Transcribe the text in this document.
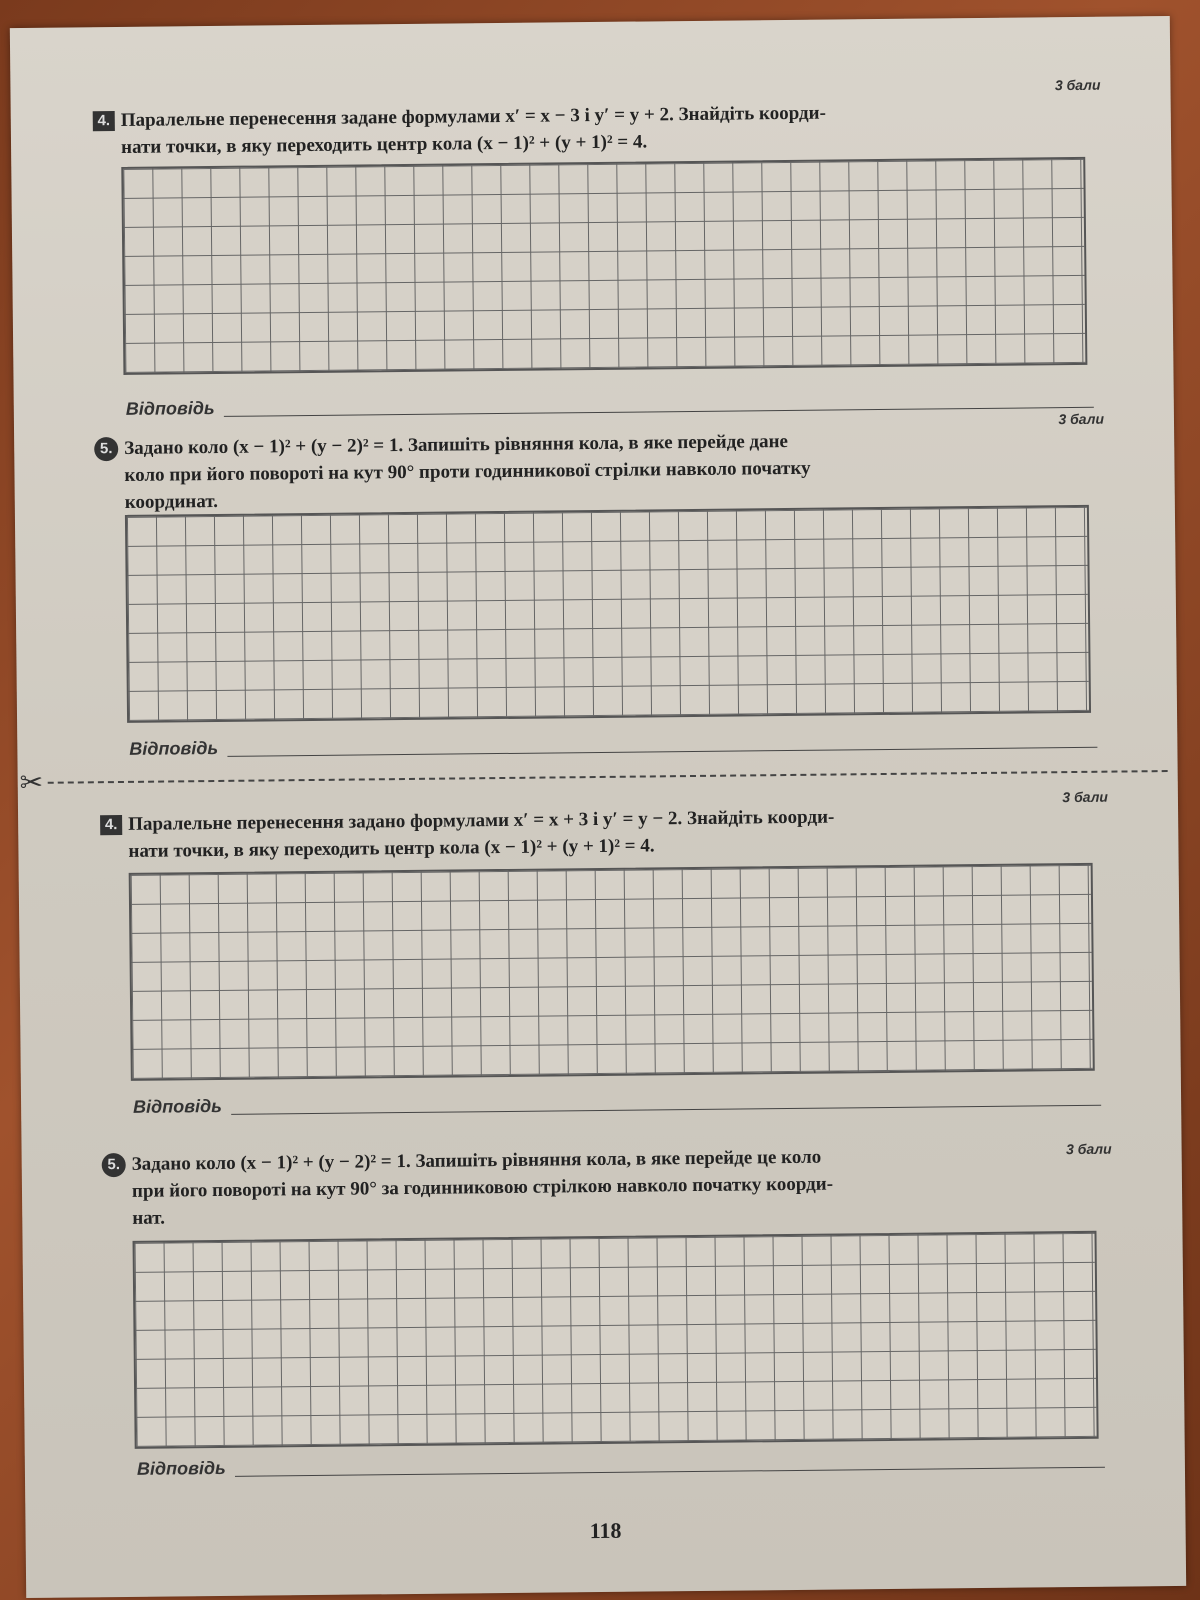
3 бали
4. Паралельне перенесення задане формулами x′ = x − 3 і y′ = y + 2. Знайдіть коорди-
нати точки, в яку переходить центр кола (x − 1)² + (y + 1)² = 4.
Відповідь	3 бали
5. Задано коло (x − 1)² + (y − 2)² = 1. Запишіть рівняння кола, в яке перейде дане
коло при його повороті на кут 90° проти годинникової стрілки навколо початку
координат.
Відповідь
✂	3 бали
4. Паралельне перенесення задано формулами x′ = x + 3 і y′ = y − 2. Знайдіть коорди-
нати точки, в яку переходить центр кола (x − 1)² + (y + 1)² = 4.
Відповідь
3 бали
5. Задано коло (x − 1)² + (y − 2)² = 1. Запишіть рівняння кола, в яке перейде це коло
при його повороті на кут 90° за годинниковою стрілкою навколо початку коорди-
нат.
Відповідь
118
